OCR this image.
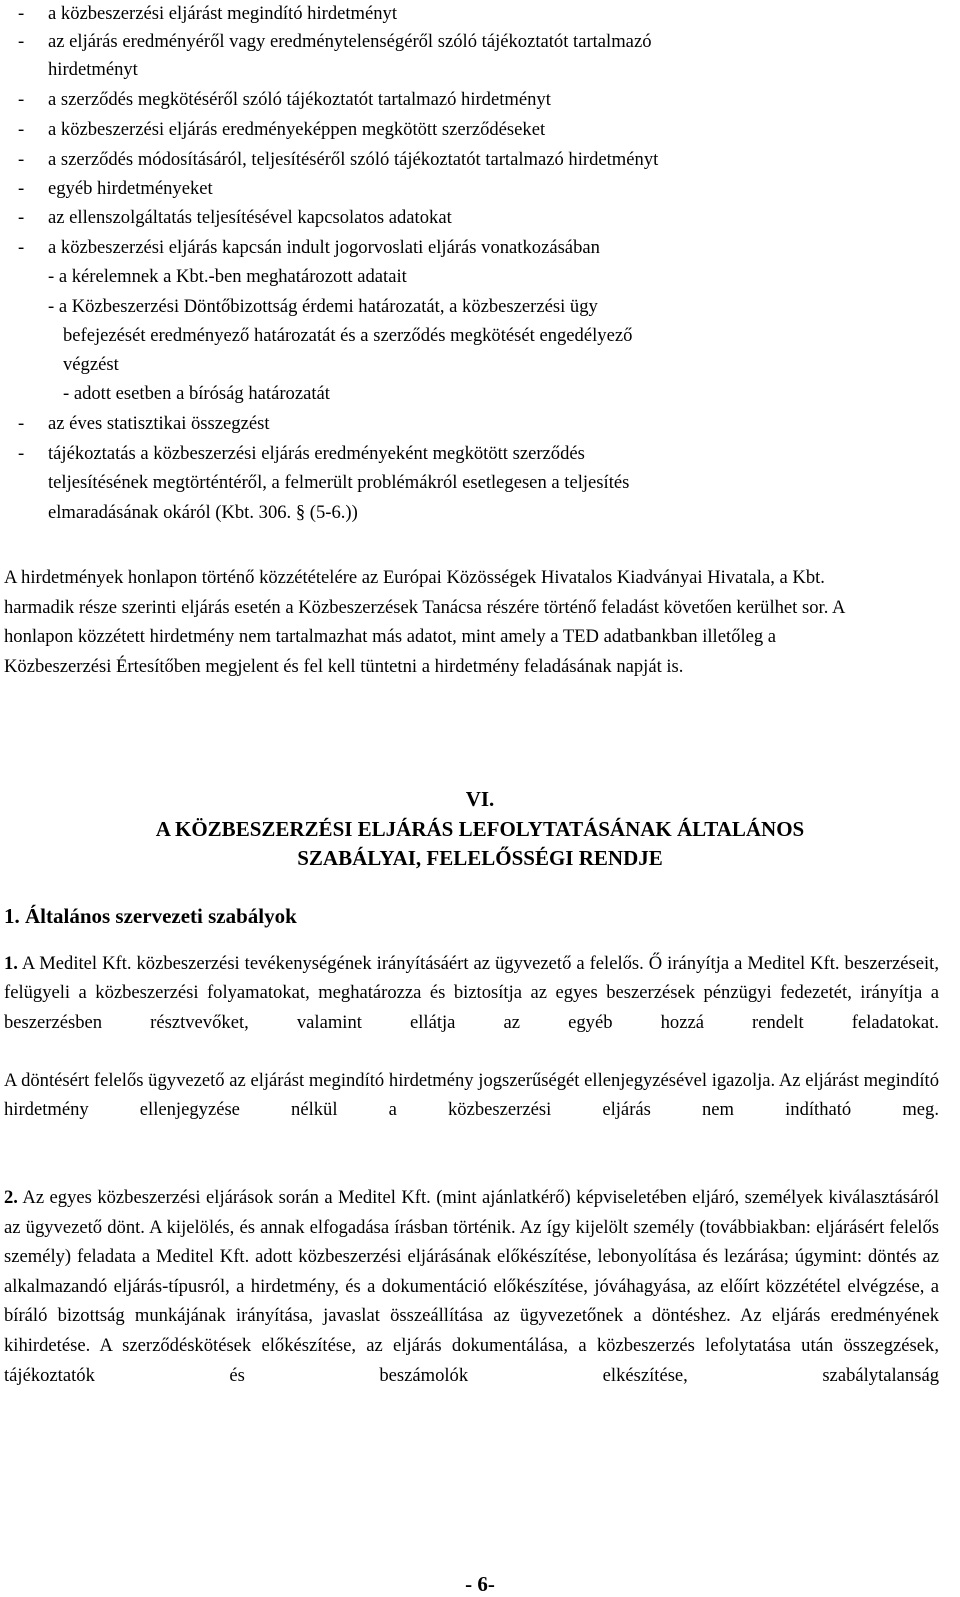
- a közbeszerzési eljárást megindító hirdetményt
- az eljárás eredményéről vagy eredménytelenségéről szóló tájékoztatót tartalmazó
hirdetményt
- a szerződés megkötéséről szóló tájékoztatót tartalmazó hirdetményt
- a közbeszerzési eljárás eredményeképpen megkötött szerződéseket
- a szerződés módosításáról, teljesítéséről szóló tájékoztatót tartalmazó hirdetményt
- egyéb hirdetményeket
- az ellenszolgáltatás teljesítésével kapcsolatos adatokat
- a közbeszerzési eljárás kapcsán indult jogorvoslati eljárás vonatkozásában
- a kérelemnek a Kbt.-ben meghatározott adatait
- a Közbeszerzési Döntőbizottság érdemi határozatát, a közbeszerzési ügy
befejezését eredményező határozatát és a szerződés megkötését engedélyező
végzést
- adott esetben a bíróság határozatát
- az éves statisztikai összegzést
- tájékoztatás a közbeszerzési eljárás eredményeként megkötött szerződés
teljesítésének megtörténtéről, a felmerült problémákról esetlegesen a teljesítés
elmaradásának okáról (Kbt. 306. § (5-6.))
A hirdetmények honlapon történő közzétételére az Európai Közösségek Hivatalos Kiadványai Hivatala, a Kbt. harmadik része szerinti eljárás esetén a Közbeszerzések Tanácsa részére történő feladást követően kerülhet sor. A honlapon közzétett hirdetmény nem tartalmazhat más adatot, mint amely a TED adatbankban illetőleg a Közbeszerzési Értesítőben megjelent és fel kell tüntetni a hirdetmény feladásának napját is.
VI.
A KÖZBESZERZÉSI ELJÁRÁS LEFOLYTATÁSÁNAK ÁLTALÁNOS
SZABÁLYAI, FELELŐSSÉGI RENDJE
1. Általános szervezeti szabályok
1. A Meditel Kft. közbeszerzési tevékenységének irányításáért az ügyvezető a felelős. Ő irányítja a Meditel Kft. beszerzéseit, felügyeli a közbeszerzési folyamatokat, meghatározza és biztosítja az egyes beszerzések pénzügyi fedezetét, irányítja a beszerzésben résztvevőket, valamint ellátja az egyéb hozzá rendelt feladatokat.
A döntésért felelős ügyvezető az eljárást megindító hirdetmény jogszerűségét ellenjegyzésével igazolja. Az eljárást megindító hirdetmény ellenjegyzése nélkül a közbeszerzési eljárás nem indítható meg.
2. Az egyes közbeszerzési eljárások során a Meditel Kft. (mint ajánlatkérő) képviseletében eljáró, személyek kiválasztásáról az ügyvezető dönt. A kijelölés, és annak elfogadása írásban történik. Az így kijelölt személy (továbbiakban: eljárásért felelős személy) feladata a Meditel Kft. adott közbeszerzési eljárásának előkészítése, lebonyolítása és lezárása; úgymint: döntés az alkalmazandó eljárás-típusról, a hirdetmény, és a dokumentáció előkészítése, jóváhagyása, az előírt közzététel elvégzése, a bíráló bizottság munkájának irányítása, javaslat összeállítása az ügyvezetőnek a döntéshez. Az eljárás eredményének kihirdetése. A szerződéskötések előkészítése, az eljárás dokumentálása, a közbeszerzés lefolytatása után összegzések, tájékoztatók és beszámolók elkészítése, szabálytalanság
- 6-
